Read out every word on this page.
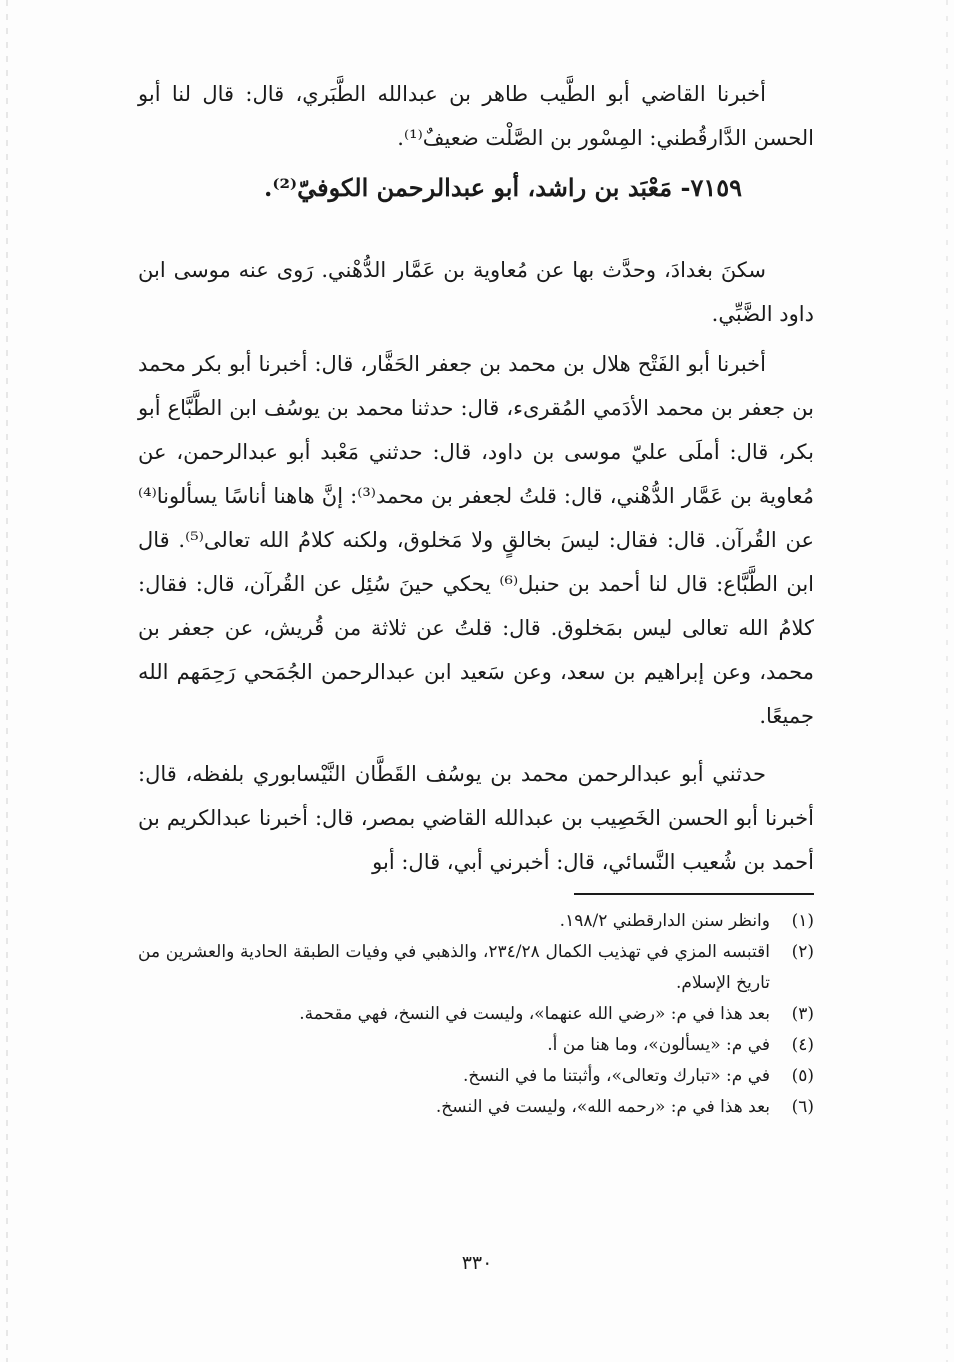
أخبرنا القاضي أبو الطَّيب طاهر بن عبدالله الطَّبَري، قال: قال لنا أبو الحسن الدَّارقُطني: المِسْور بن الصَّلْت ضعيفٌ⁽¹⁾.

٧١٥٩- مَعْبَد بن راشد، أبو عبدالرحمن الكوفيّ⁽²⁾.

سكنَ بغدادَ، وحدَّث بها عن مُعاوية بن عَمَّار الدُّهْني. رَوى عنه موسى ابن داود الضَّبِّي.

أخبرنا أبو الفَتْح هلال بن محمد بن جعفر الحَفَّار، قال: أخبرنا أبو بكر محمد بن جعفر بن محمد الأدَمي المُقرىء، قال: حدثنا محمد بن يوسُف ابن الطَّبَّاع أبو بكر، قال: أملَى عليّ موسى بن داود، قال: حدثني مَعْبد أبو عبدالرحمن، عن مُعاوية بن عَمَّار الدُّهْني، قال: قلتُ لجعفر بن محمد⁽³⁾: إنَّ هاهنا أناسًا يسألونا⁽⁴⁾ عن القُرآن. قال: فقال: ليسَ بخالقٍ ولا مَخلوق، ولكنه كلامُ الله تعالى⁽⁵⁾. قال ابن الطَّبَّاع: قال لنا أحمد بن حنبل⁽⁶⁾ يحكي حينَ سُئِل عن القُرآن، قال: فقال: كلامُ الله تعالى ليس بمَخلوق. قال: قلتُ عن ثلاثة من قُريش، عن جعفر بن محمد، وعن إبراهيم بن سعد، وعن سَعيد ابن عبدالرحمن الجُمَحي رَحِمَهم الله جميعًا.

حدثني أبو عبدالرحمن محمد بن يوسُف القَطَّان النَّيْسابوري بلفظه، قال: أخبرنا أبو الحسن الخَصِيب بن عبدالله القاضي بمصر، قال: أخبرنا عبدالكريم بن أحمد بن شُعيب النَّسائي، قال: أخبرني أبي، قال: أبو

(١)
وانظر سنن الدارقطني ١٩٨/٢.
(٢)
اقتبسه المزي في تهذيب الكمال ٢٣٤/٢٨، والذهبي في وفيات الطبقة الحادية والعشرين من تاريخ الإسلام.
(٣)
بعد هذا في م: «رضي الله عنهما»، وليست في النسخ، فهي مقحمة.
(٤)
في م: «يسألون»، وما هنا من أ.
(٥)
في م: «تبارك وتعالى»، وأثبتنا ما في النسخ.
(٦)
بعد هذا في م: «رحمه الله»، وليست في النسخ.
٣٣٠
